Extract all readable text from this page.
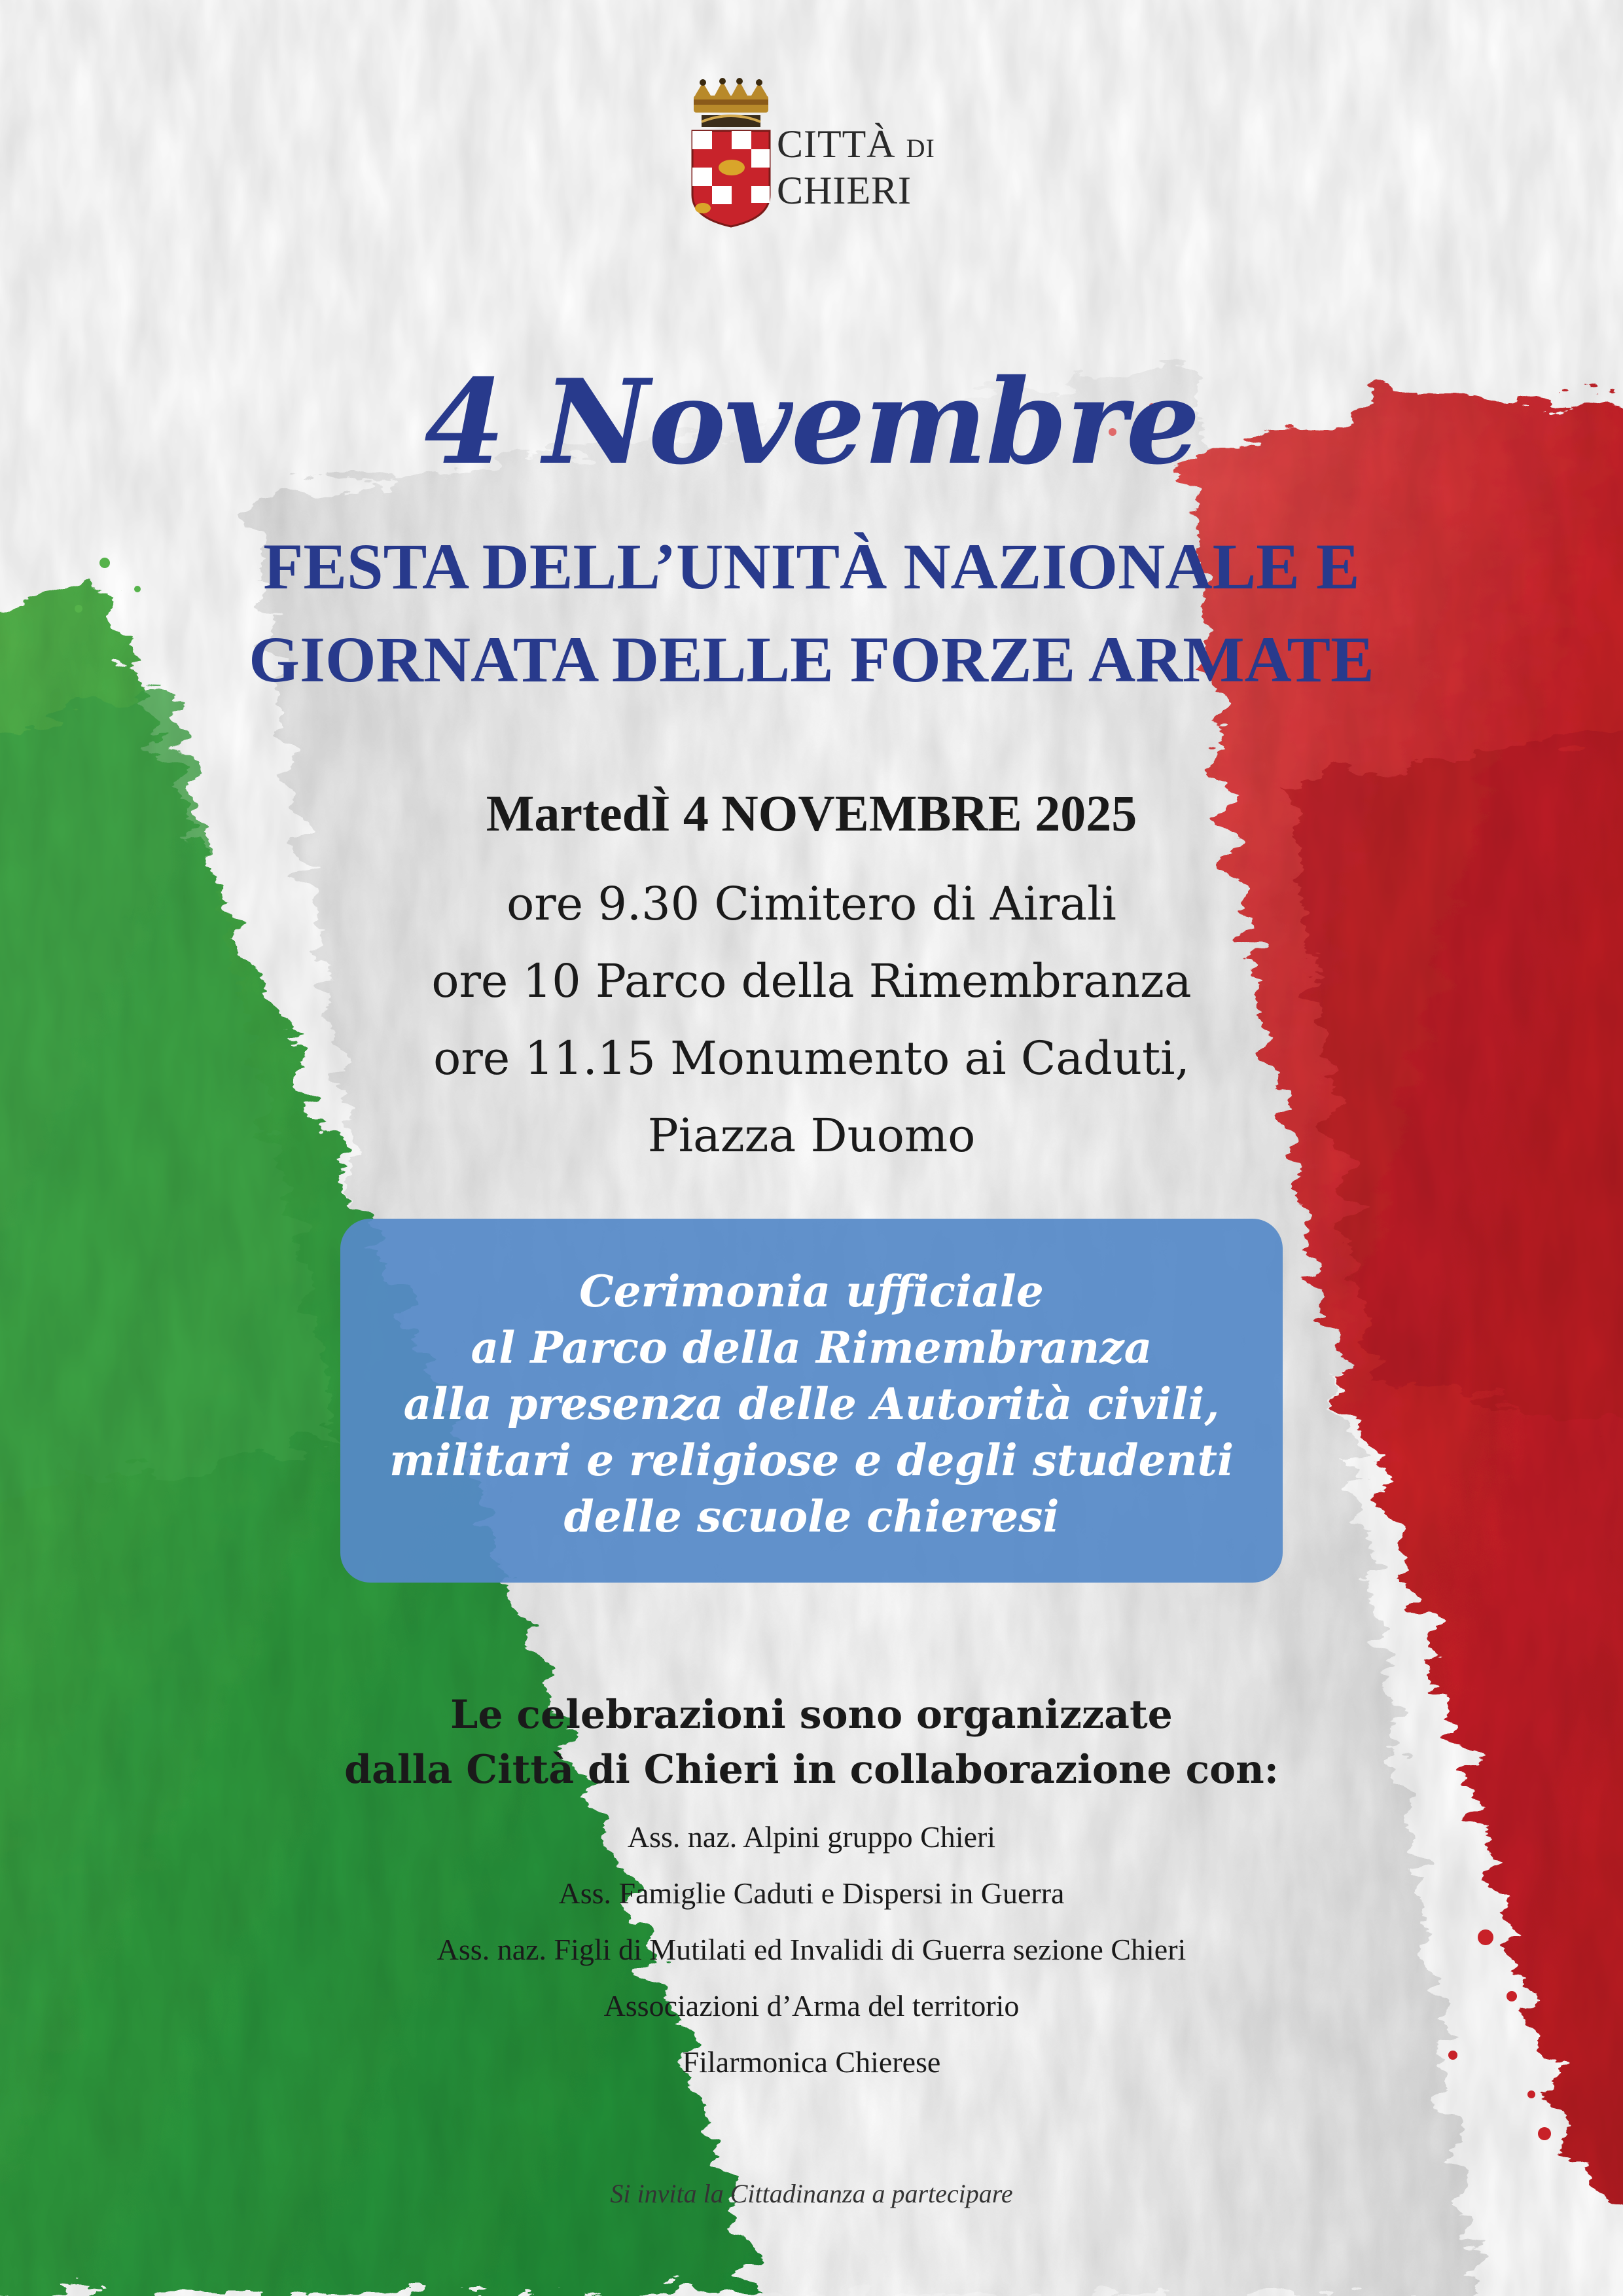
CITTÀ DI
CHIERI
4 Novembre
FESTA DELL’UNITÀ NAZIONALE E
GIORNATA DELLE FORZE ARMATE
MartedÌ 4 NOVEMBRE 2025
ore 9.30 Cimitero di Airali
ore 10 Parco della Rimembranza
ore 11.15 Monumento ai Caduti,
Piazza Duomo
Cerimonia ufficiale
al Parco della Rimembranza
alla presenza delle Autorità civili,
militari e religiose e degli studenti
delle scuole chieresi
Le celebrazioni sono organizzate
dalla Città di Chieri in collaborazione con:
Ass. naz. Alpini gruppo Chieri
Ass. Famiglie Caduti e Dispersi in Guerra
Ass. naz. Figli di Mutilati ed Invalidi di Guerra sezione Chieri
Associazioni d’Arma del territorio
Filarmonica Chierese
Si invita la Cittadinanza a partecipare
